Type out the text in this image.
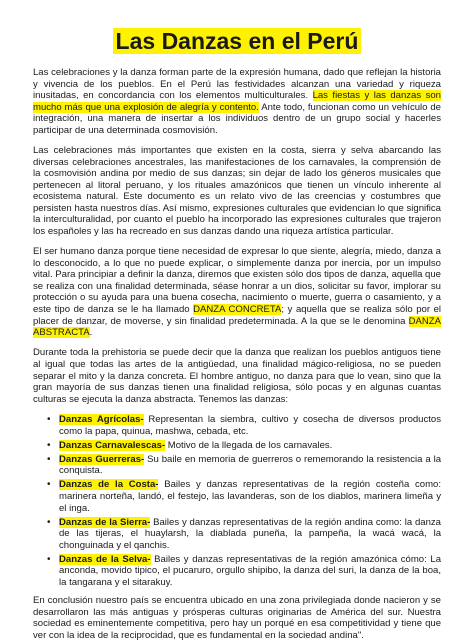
Las Danzas en el Perú

Las celebraciones y la danza forman parte de la expresión humana, dado que reflejan la historia y vivencia de los pueblos. En el Perú las festividades alcanzan una variedad y riqueza inusitadas, en concordancia con los elementos multiculturales. Las fiestas y las danzas son mucho más que una explosión de alegría y contento. Ante todo, funcionan como un vehículo de integración, una manera de insertar a los individuos dentro de un grupo social y hacerles participar de una determinada cosmovisión.

Las celebraciones más importantes que existen en la costa, sierra y selva abarcando las diversas celebraciones ancestrales, las manifestaciones de los carnavales, la comprensión de la cosmovisión andina por medio de sus danzas; sin dejar de lado los géneros musicales que pertenecen al litoral peruano, y los rituales amazónicos que tienen un vínculo inherente al ecosistema natural. Este documento es un relato vivo de las creencias y costumbres que persisten hasta nuestros días. Así mismo, expresiones culturales que evidencian lo que significa la interculturalidad, por cuanto el pueblo ha incorporado las expresiones culturales que trajeron los españoles y las ha recreado en sus danzas dando una riqueza artística particular.

El ser humano danza porque tiene necesidad de expresar lo que siente, alegría, miedo, danza a lo desconocido, a lo que no puede explicar, o simplemente danza por inercia, por un impulso vital. Para principiar a definir la danza, diremos que existen sólo dos tipos de danza, aquella que se realiza con una finalidad determinada, séase honrar a un dios, solicitar su favor, implorar su protección o su ayuda para una buena cosecha, nacimiento o muerte, guerra o casamiento, y a este tipo de danza se le ha llamado DANZA CONCRETA; y aquella que se realiza sólo por el placer de danzar, de moverse, y sin finalidad predeterminada. A la que se le denomina DANZA ABSTRACTA.

Durante toda la prehistoria se puede decir que la danza que realizan los pueblos antiguos tiene al igual que todas las artes de la antigüedad, una finalidad mágico-religiosa, no se pueden separar el mito y la danza concreta. El hombre antiguo, no danza para que lo vean, sino que la gran mayoría de sus danzas tienen una finalidad religiosa, sólo pocas y en algunas cuantas culturas se ejecuta la danza abstracta. Tenemos las danzas:

• Danzas Agrícolas- Representan la siembra, cultivo y cosecha de diversos productos como la papa, quinua, mashwa, cebada, etc.
• Danzas Carnavalescas- Motivo de la llegada de los carnavales.
• Danzas Guerreras- Su baile en memoria de guerreros o rememorando la resistencia a la conquista.
• Danzas de la Costa- Bailes y danzas representativas de la región costeña como: marinera norteña, landó, el festejo, las lavanderas, son de los diablos, marinera limeña y el inga.
• Danzas de la Sierra- Bailes y danzas representativas de la región andina como: la danza de las tijeras, el huaylarsh, la diablada puneña, la pampeña, la wacá wacá, la chonguinada y el qanchis.
• Danzas de la Selva- Bailes y danzas representativas de la región amazónica cómo: La anconda, movido tipico, el pucaruro, orgullo shipibo, la danza del suri, la danza de la boa, la tangarana y el sitarakuy.

En conclusión nuestro país se encuentra ubicado en una zona privilegiada donde nacieron y se desarrollaron las más antiguas y prósperas culturas originarias de América del sur. Nuestra sociedad es eminentemente competitiva, pero hay un porqué en esa competitividad y tiene que ver con la idea de la reciprocidad, que es fundamental en la sociedad andina".
